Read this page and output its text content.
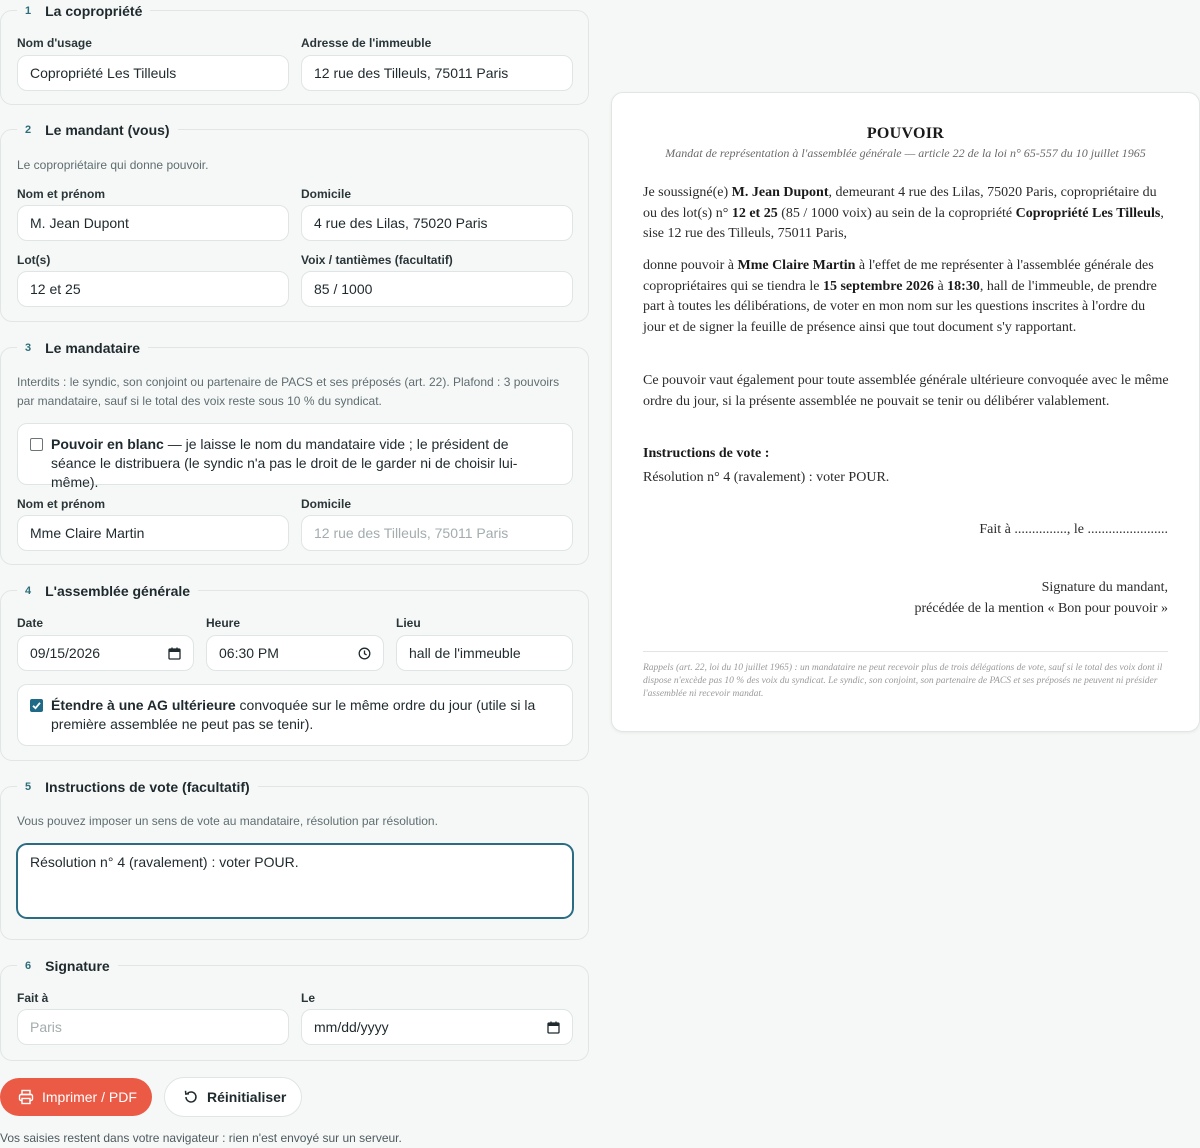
1 La copropriété
Nom d'usage
Copropriété Les Tilleuls
Adresse de l'immeuble
12 rue des Tilleuls, 75011 Paris
2 Le mandant (vous)
Le copropriétaire qui donne pouvoir.
Nom et prénom
M. Jean Dupont
Domicile
4 rue des Lilas, 75020 Paris
Lot(s)
12 et 25
Voix / tantièmes (facultatif)
85 / 1000
3 Le mandataire
Interdits : le syndic, son conjoint ou partenaire de PACS et ses préposés (art. 22). Plafond : 3 pouvoirs par mandataire, sauf si le total des voix reste sous 10 % du syndicat.
Pouvoir en blanc — je laisse le nom du mandataire vide ; le président de séance le distribuera (le syndic n'a pas le droit de le garder ni de choisir lui-même).
Nom et prénom
Mme Claire Martin
Domicile
12 rue des Tilleuls, 75011 Paris
4 L'assemblée générale
Date
09/15/2026
Heure
06:30 PM
Lieu
hall de l'immeuble
Étendre à une AG ultérieure convoquée sur le même ordre du jour (utile si la première assemblée ne peut pas se tenir).
5 Instructions de vote (facultatif)
Vous pouvez imposer un sens de vote au mandataire, résolution par résolution.
Résolution n° 4 (ravalement) : voter POUR.
6 Signature
Fait à
Paris
Le
mm/dd/yyyy
Imprimer / PDF	Réinitialiser
Vos saisies restent dans votre navigateur : rien n'est envoyé sur un serveur.
POUVOIR
Mandat de représentation à l'assemblée générale — article 22 de la loi n° 65-557 du 10 juillet 1965
Je soussigné(e) M. Jean Dupont, demeurant 4 rue des Lilas, 75020 Paris, copropriétaire du ou des lot(s) n° 12 et 25 (85 / 1000 voix) au sein de la copropriété Copropriété Les Tilleuls, sise 12 rue des Tilleuls, 75011 Paris,
donne pouvoir à Mme Claire Martin à l'effet de me représenter à l'assemblée générale des copropriétaires qui se tiendra le 15 septembre 2026 à 18:30, hall de l'immeuble, de prendre part à toutes les délibérations, de voter en mon nom sur les questions inscrites à l'ordre du jour et de signer la feuille de présence ainsi que tout document s'y rapportant.
Ce pouvoir vaut également pour toute assemblée générale ultérieure convoquée avec le même ordre du jour, si la présente assemblée ne pouvait se tenir ou délibérer valablement.
Instructions de vote :
Résolution n° 4 (ravalement) : voter POUR.
Fait à ..............., le .......................
Signature du mandant,
précédée de la mention « Bon pour pouvoir »
Rappels (art. 22, loi du 10 juillet 1965) : un mandataire ne peut recevoir plus de trois délégations de vote, sauf si le total des voix dont il dispose n'excède pas 10 % des voix du syndicat. Le syndic, son conjoint, son partenaire de PACS et ses préposés ne peuvent ni présider l'assemblée ni recevoir mandat.
